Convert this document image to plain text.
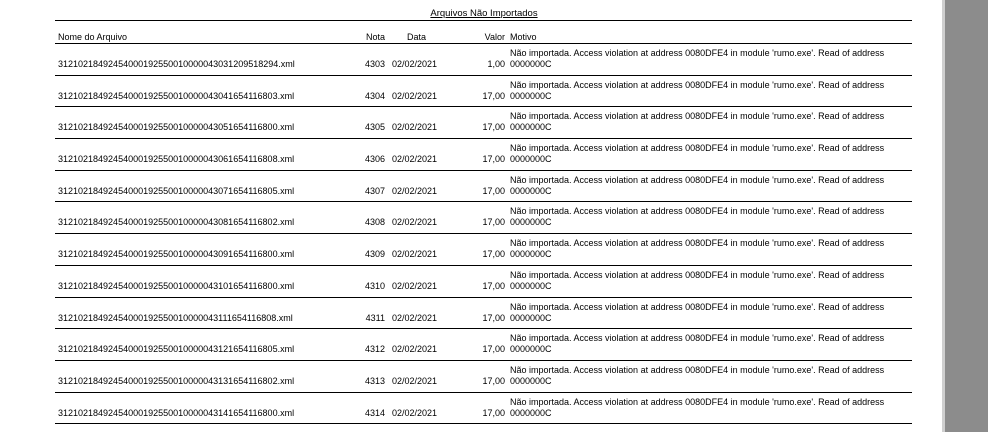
Arquivos Não Importados
Nome do Arquivo	Nota Data	Valor Motivo
31210218492454000192550010000043031209518294.xml	4303 02/02/2021	1,00
Não importada. Access violation at address 0080DFE4 in module 'rumo.exe'. Read of address 0000000C
31210218492454000192550010000043041654116803.xml	4304 02/02/2021	17,00
Não importada. Access violation at address 0080DFE4 in module 'rumo.exe'. Read of address 0000000C
31210218492454000192550010000043051654116800.xml	4305 02/02/2021	17,00
Não importada. Access violation at address 0080DFE4 in module 'rumo.exe'. Read of address 0000000C
31210218492454000192550010000043061654116808.xml	4306 02/02/2021	17,00
Não importada. Access violation at address 0080DFE4 in module 'rumo.exe'. Read of address 0000000C
31210218492454000192550010000043071654116805.xml	4307 02/02/2021	17,00
Não importada. Access violation at address 0080DFE4 in module 'rumo.exe'. Read of address 0000000C
31210218492454000192550010000043081654116802.xml	4308 02/02/2021	17,00
Não importada. Access violation at address 0080DFE4 in module 'rumo.exe'. Read of address 0000000C
31210218492454000192550010000043091654116800.xml	4309 02/02/2021	17,00
Não importada. Access violation at address 0080DFE4 in module 'rumo.exe'. Read of address 0000000C
31210218492454000192550010000043101654116800.xml	4310 02/02/2021	17,00
Não importada. Access violation at address 0080DFE4 in module 'rumo.exe'. Read of address 0000000C
31210218492454000192550010000043111654116808.xml	4311 02/02/2021	17,00
Não importada. Access violation at address 0080DFE4 in module 'rumo.exe'. Read of address 0000000C
31210218492454000192550010000043121654116805.xml	4312 02/02/2021	17,00
Não importada. Access violation at address 0080DFE4 in module 'rumo.exe'. Read of address 0000000C
31210218492454000192550010000043131654116802.xml	4313 02/02/2021	17,00
Não importada. Access violation at address 0080DFE4 in module 'rumo.exe'. Read of address 0000000C
31210218492454000192550010000043141654116800.xml	4314 02/02/2021	17,00
Não importada. Access violation at address 0080DFE4 in module 'rumo.exe'. Read of address 0000000C
